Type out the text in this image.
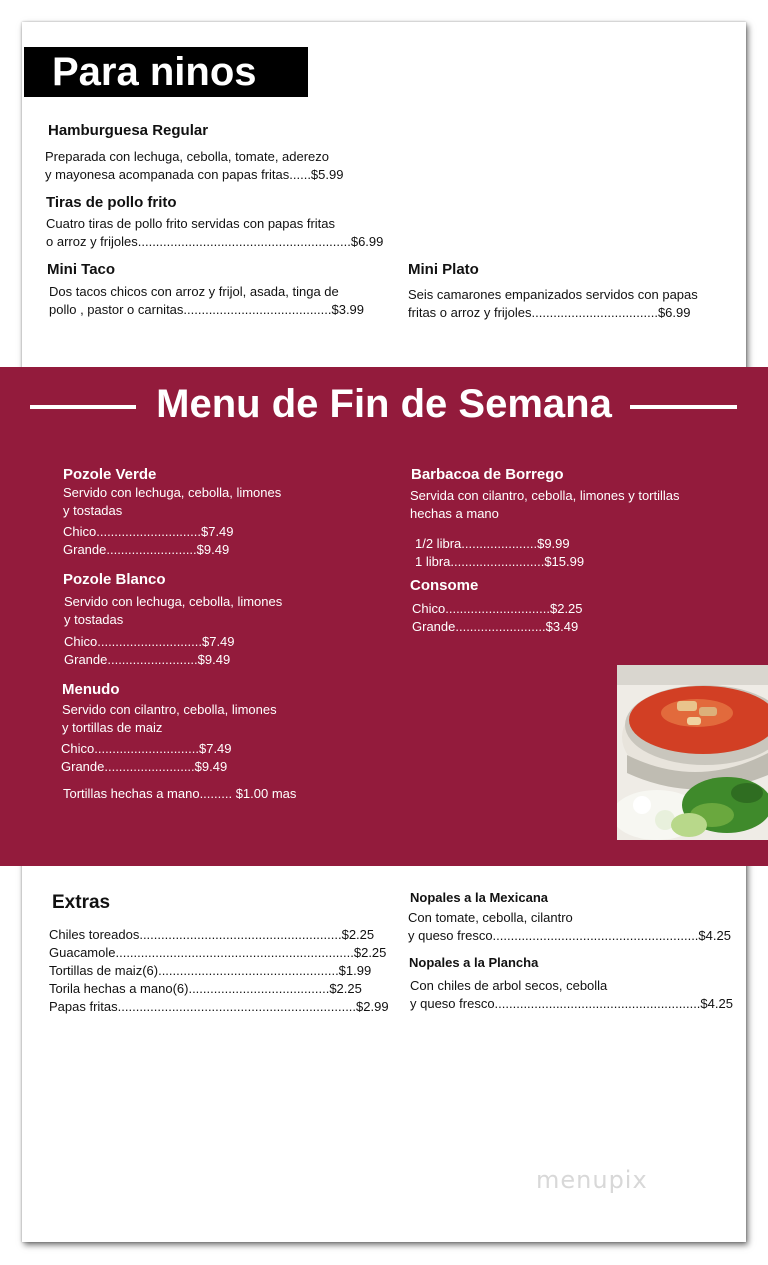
Para ninos
Hamburguesa Regular
Preparada con lechuga, cebolla, tomate, aderezo
y mayonesa acompanada con papas fritas......$5.99
Tiras de pollo frito
Cuatro tiras de pollo frito servidas con papas fritas
o arroz y frijoles...........................................................$6.99
Mini Taco
Dos tacos chicos con arroz y frijol, asada, tinga de
pollo , pastor o carnitas.........................................$3.99
Mini Plato
Seis camarones empanizados servidos con papas
fritas o arroz y frijoles...................................$6.99
Menu de Fin de Semana
Pozole Verde
Servido con lechuga, cebolla, limones
y tostadas
Chico.............................$7.49
Grande.........................$9.49
Pozole Blanco
Servido con lechuga, cebolla, limones
y tostadas
Chico.............................$7.49
Grande.........................$9.49
Menudo
Servido con cilantro, cebolla, limones
y tortillas de maiz
Chico.............................$7.49
Grande.........................$9.49
Tortillas hechas a mano......... $1.00 mas
Barbacoa de Borrego
Servida con cilantro, cebolla, limones y tortillas
hechas a mano
1/2 libra.....................$9.99
1 libra..........................$15.99
Consome
Chico.............................$2.25
Grande.........................$3.49
Extras
Chiles toreados........................................................$2.25
Guacamole..................................................................$2.25
Tortillas de maiz(6)..................................................$1.99
Torila hechas a mano(6).......................................$2.25
Papas fritas..................................................................$2.99
Nopales a la Mexicana
Con tomate, cebolla, cilantro
y queso fresco.........................................................$4.25
Nopales a la Plancha
Con chiles de arbol secos, cebolla
y queso fresco.........................................................$4.25
menupix
